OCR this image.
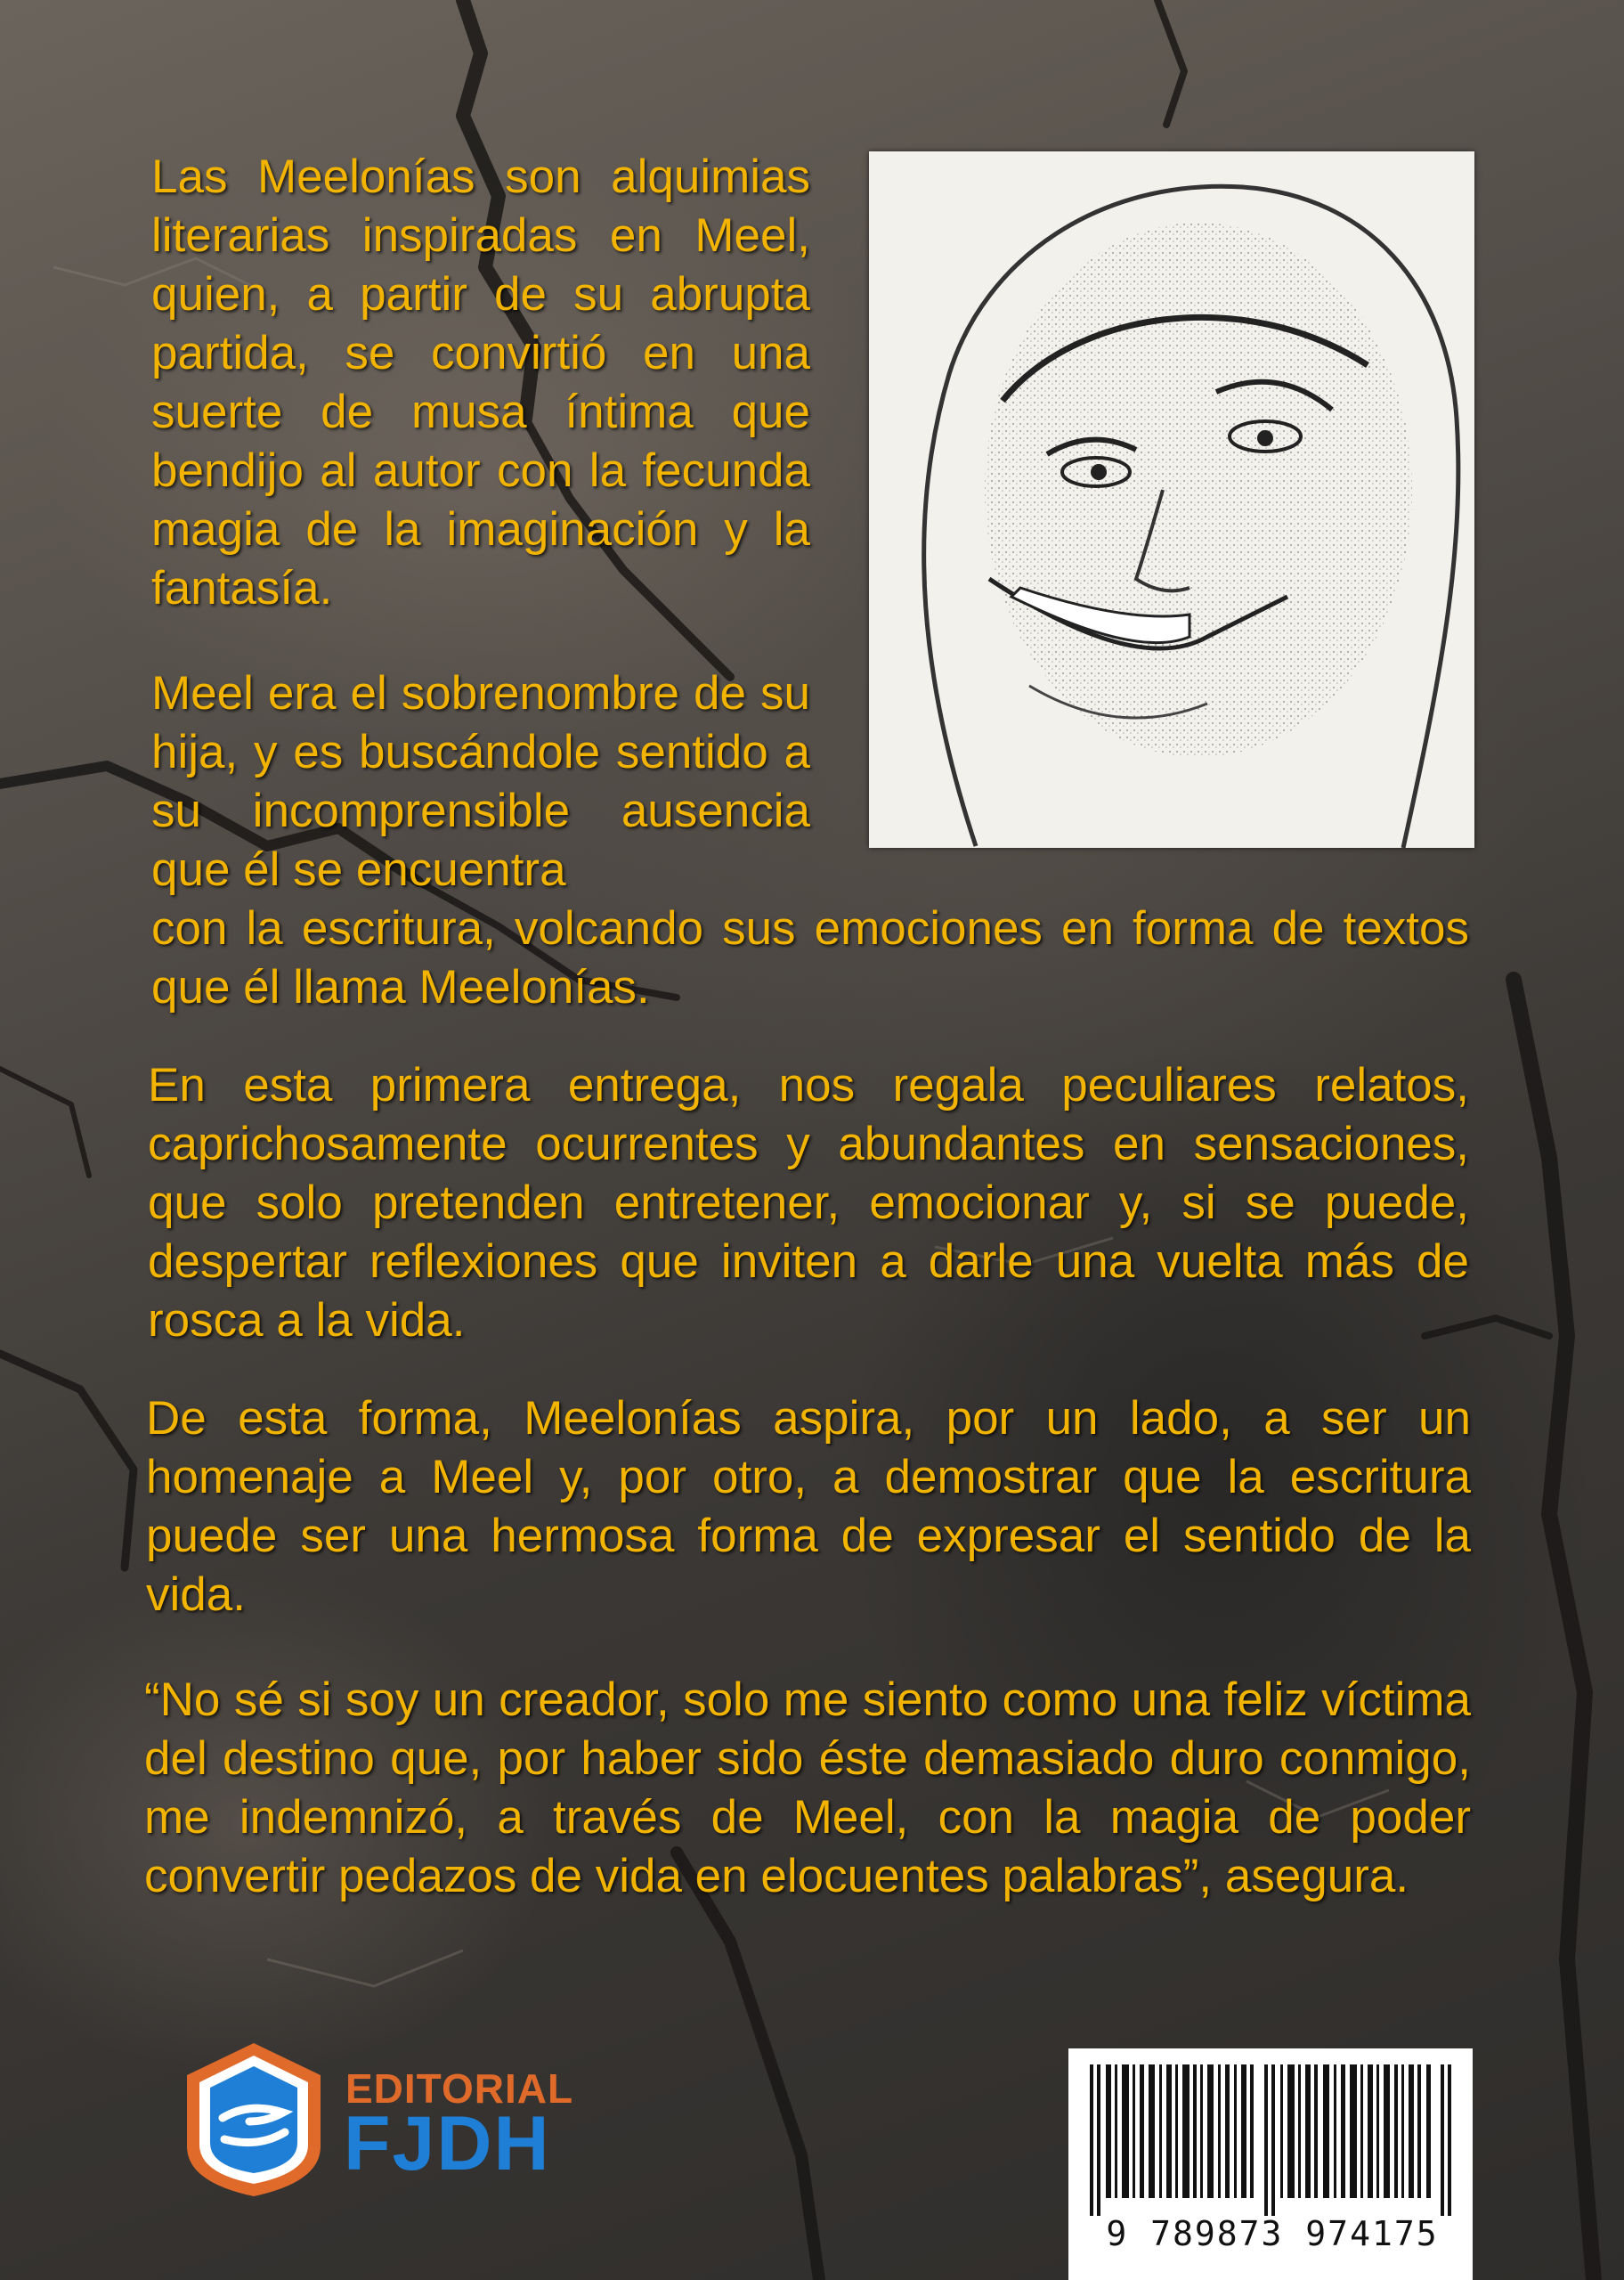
Las Meelonías son alquimias literarias inspiradas en Meel, quien, a partir de su abrupta partida, se convirtió en una suerte de musa íntima que bendijo al autor con la fecunda magia de la imaginación y la fantasía.

Meel era el sobrenombre de su hija, y es buscándole sentido a su incomprensible ausencia que él se encuentra
con la escritura, volcando sus emociones en forma de textos que él llama Meelonías.

En esta primera entrega, nos regala peculiares relatos, caprichosamente ocurrentes y abundantes en sensaciones, que solo pretenden entretener, emocionar y, si se puede, despertar reflexiones que inviten a darle una vuelta más de rosca a la vida.

De esta forma, Meelonías aspira, por un lado, a ser un homenaje a Meel y, por otro, a demostrar que la escritura puede ser una hermosa forma de expresar el sentido de la vida.

“No sé si soy un creador, solo me siento como una feliz víctima del destino que, por haber sido éste demasiado duro conmigo, me indemnizó, a través de Meel, con la magia de poder convertir pedazos de vida en elocuentes palabras”, asegura.

EDITORIAL
FJDH
9 789873 974175
